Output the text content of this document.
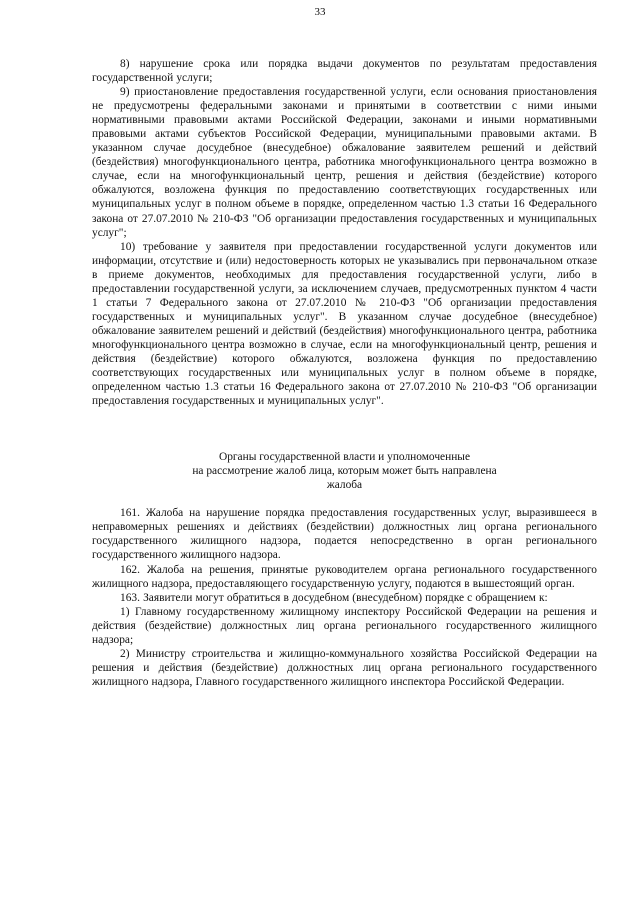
33

8) нарушение срока или порядка выдачи документов по результатам предоставления государственной услуги;

9) приостановление предоставления государственной услуги, если основания приостановления не предусмотрены федеральными законами и принятыми в соответствии с ними иными нормативными правовыми актами Российской Федерации, законами и иными нормативными правовыми актами субъектов Российской Федерации, муниципальными правовыми актами. В указанном случае досудебное (внесудебное) обжалование заявителем решений и действий (бездействия) многофункционального центра, работника многофункционального центра возможно в случае, если на многофункциональный центр, решения и действия (бездействие) которого обжалуются, возложена функция по предоставлению соответствующих государственных или муниципальных услуг в полном объеме в порядке, определенном частью 1.3 статьи 16 Федерального закона от 27.07.2010 № 210-ФЗ "Об организации предоставления государственных и муниципальных услуг";

10) требование у заявителя при предоставлении государственной услуги документов или информации, отсутствие и (или) недостоверность которых не указывались при первоначальном отказе в приеме документов, необходимых для предоставления государственной услуги, либо в предоставлении государственной услуги, за исключением случаев, предусмотренных пунктом 4 части 1 статьи 7 Федерального закона от 27.07.2010 № 210-ФЗ "Об организации предоставления государственных и муниципальных услуг". В указанном случае досудебное (внесудебное) обжалование заявителем решений и действий (бездействия) многофункционального центра, работника многофункционального центра возможно в случае, если на многофункциональный центр, решения и действия (бездействие) которого обжалуются, возложена функция по предоставлению соответствующих государственных или муниципальных услуг в полном объеме в порядке, определенном частью 1.3 статьи 16 Федерального закона от 27.07.2010 № 210-ФЗ "Об организации предоставления государственных и муниципальных услуг".

Органы государственной власти и уполномоченные
на рассмотрение жалоб лица, которым может быть направлена
жалоба

161. Жалоба на нарушение порядка предоставления государственных услуг, выразившееся в неправомерных решениях и действиях (бездействии) должностных лиц органа регионального государственного жилищного надзора, подается непосредственно в орган регионального государственного жилищного надзора.

162. Жалоба на решения, принятые руководителем органа регионального государственного жилищного надзора, предоставляющего государственную услугу, подаются в вышестоящий орган.

163. Заявители могут обратиться в досудебном (внесудебном) порядке с обращением к:

1) Главному государственному жилищному инспектору Российской Федерации на решения и действия (бездействие) должностных лиц органа регионального государственного жилищного надзора;

2) Министру строительства и жилищно-коммунального хозяйства Российской Федерации на решения и действия (бездействие) должностных лиц органа регионального государственного жилищного надзора, Главного государственного жилищного инспектора Российской Федерации.
